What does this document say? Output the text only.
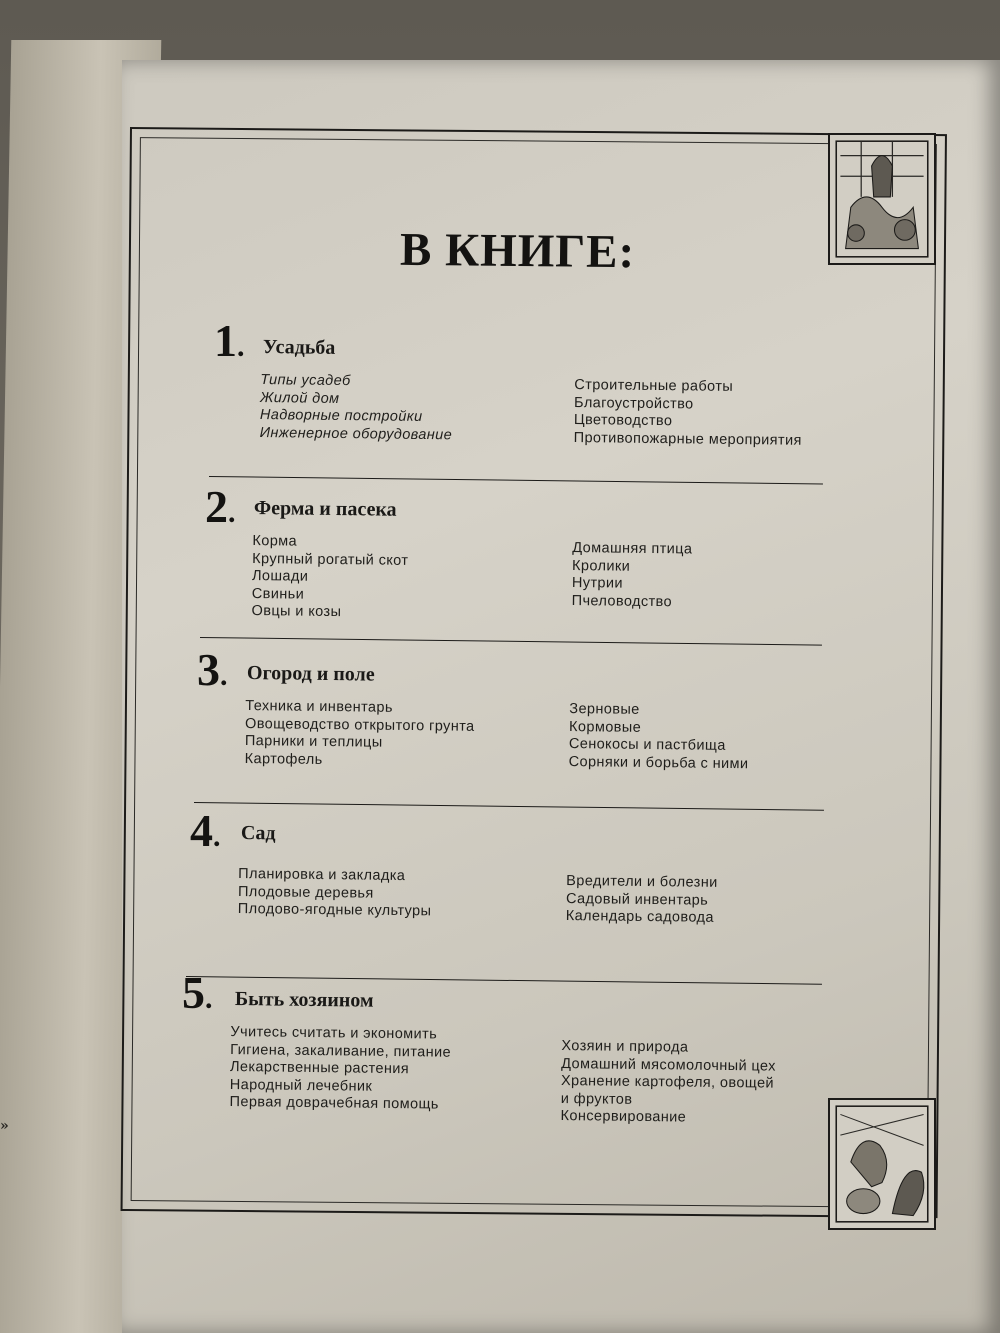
»
В КНИГЕ:
1. Усадьба
Типы усадеб
Жилой дом
Надворные постройки
Инженерное оборудование
Строительные работы
Благоустройство
Цветоводство
Противопожарные мероприятия
2. Ферма и пасека
Корма
Крупный рогатый скот
Лошади
Свиньи
Овцы и козы
Домашняя птица
Кролики
Нутрии
Пчеловодство
3. Огород и поле
Техника и инвентарь
Овощеводство открытого грунта
Парники и теплицы
Картофель
Зерновые
Кормовые
Сенокосы и пастбища
Сорняки и борьба с ними
4. Сад
Планировка и закладка
Плодовые деревья
Плодово-ягодные культуры
Вредители и болезни
Садовый инвентарь
Календарь садовода
5. Быть хозяином
Учитесь считать и экономить
Гигиена, закаливание, питание
Лекарственные растения
Народный лечебник
Первая доврачебная помощь
Хозяин и природа
Домашний мясомолочный цех
Хранение картофеля, овощей
и фруктов
Консервирование
